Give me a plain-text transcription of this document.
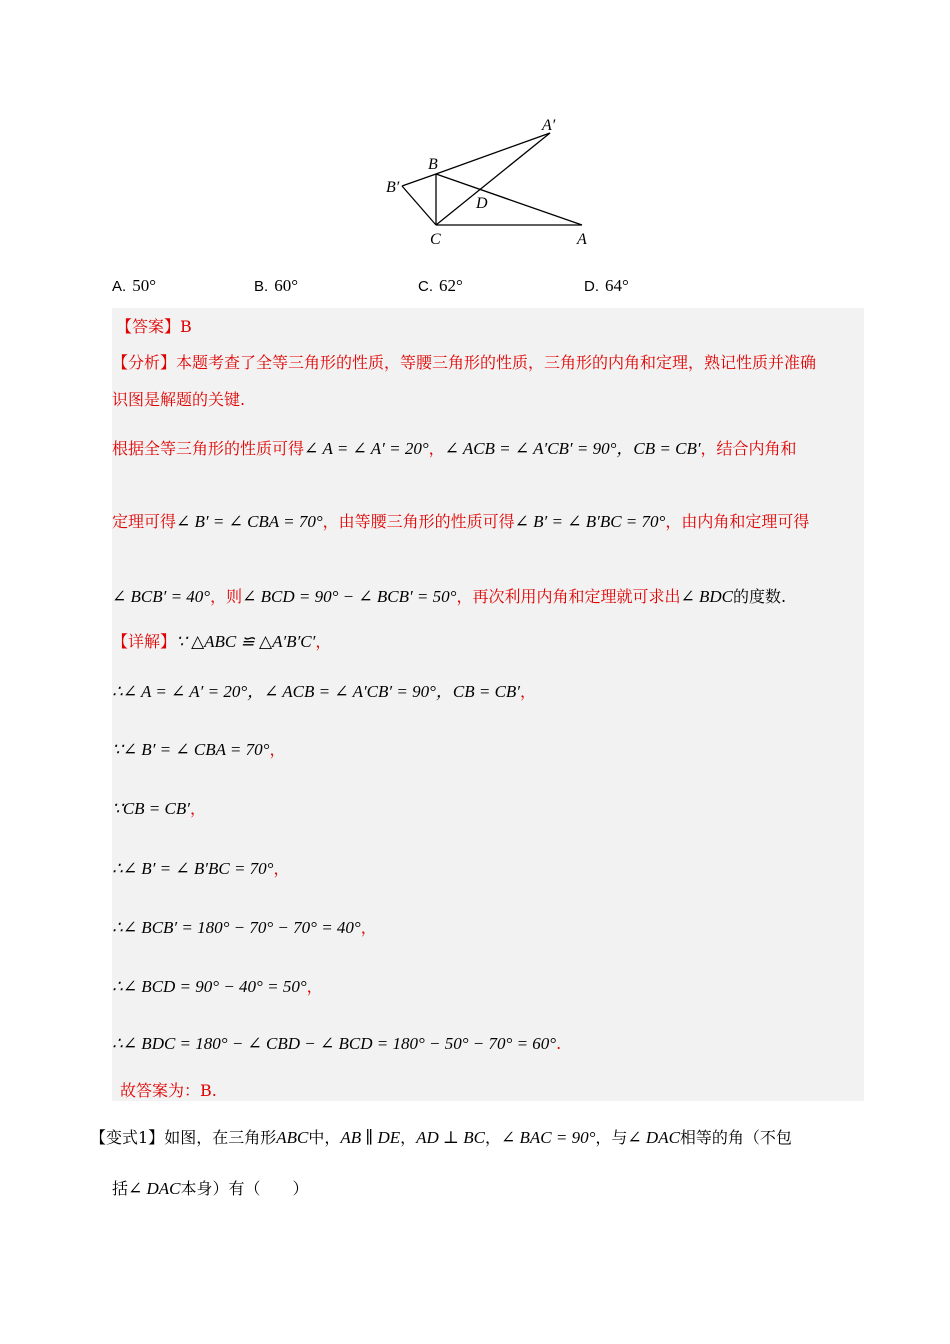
A′
B
B′
D
C	A
A. 50°	B. 60°	C. 62°	D. 64°
【答案】B
【分析】本题考查了全等三角形的性质，等腰三角形的性质，三角形的内角和定理，熟记性质并准确
识图是解题的关键.
根据全等三角形的性质可得∠ A = ∠ A′ = 20°，∠ ACB = ∠ A′CB′ = 90°，CB = CB′，结合内角和
定理可得∠ B′ = ∠ CBA = 70°，由等腰三角形的性质可得∠ B′ = ∠ B′BC = 70°，由内角和定理可得
∠ BCB′ = 40°，则∠ BCD = 90° − ∠ BCB′ = 50°，再次利用内角和定理就可求出∠ BDC的度数.
【详解】∵ △ABC ≌ △A′B′C′，
∴∠ A = ∠ A′ = 20°，∠ ACB = ∠ A′CB′ = 90°，CB = CB′，
∵∠ B′ = ∠ CBA = 70°，
∵CB = CB′，
∴∠ B′ = ∠ B′BC = 70°，
∴∠ BCB′ = 180° − 70° − 70° = 40°，
∴∠ BCD = 90° − 40° = 50°，
∴∠ BDC = 180° − ∠ CBD − ∠ BCD = 180° − 50° − 70° = 60°.
故答案为：B.
【变式1】如图，在三角形ABC中，AB ∥ DE，AD ⊥ BC，∠ BAC = 90°，与∠ DAC相等的角（不包
括∠ DAC本身）有（　　）
